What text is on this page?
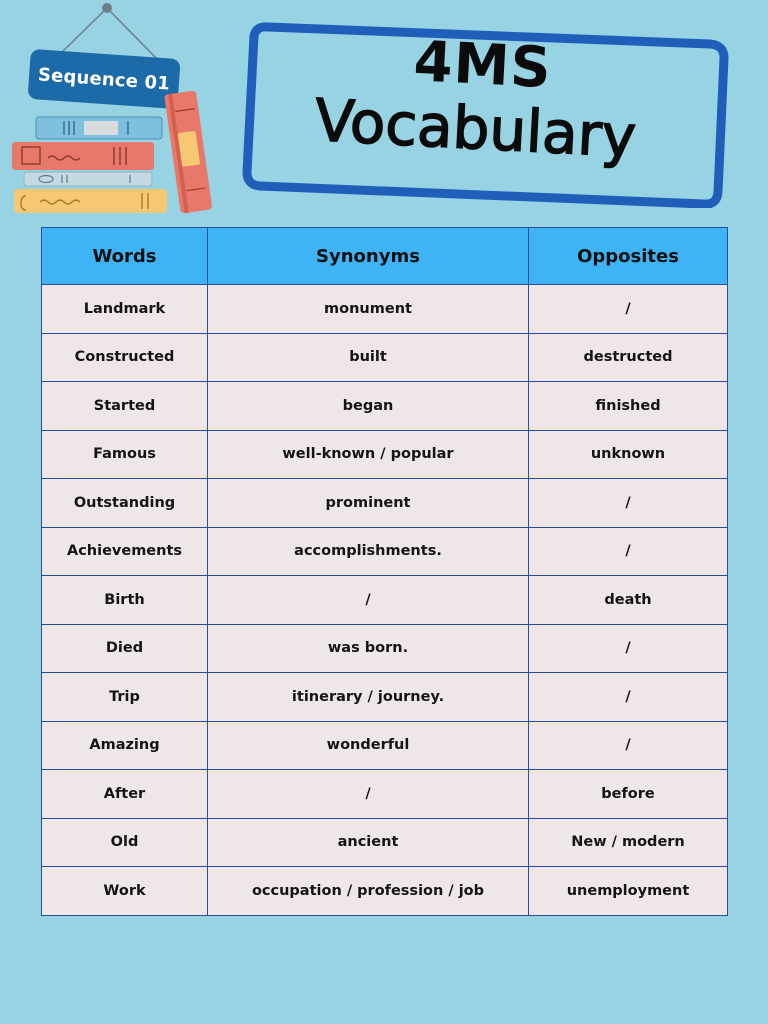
Sequence 01	4MS
Vocabulary
Words	Synonyms	Opposites
Landmark	monument	/
Constructed	built	destructed
Started	began	finished
Famous	well-known / popular	unknown
Outstanding	prominent	/
Achievements	accomplishments.	/
Birth	/	death
Died	was born.	/
Trip	itinerary / journey.	/
Amazing	wonderful	/
After	/	before
Old	ancient	New / modern
Work	occupation / profession / job	unemployment
